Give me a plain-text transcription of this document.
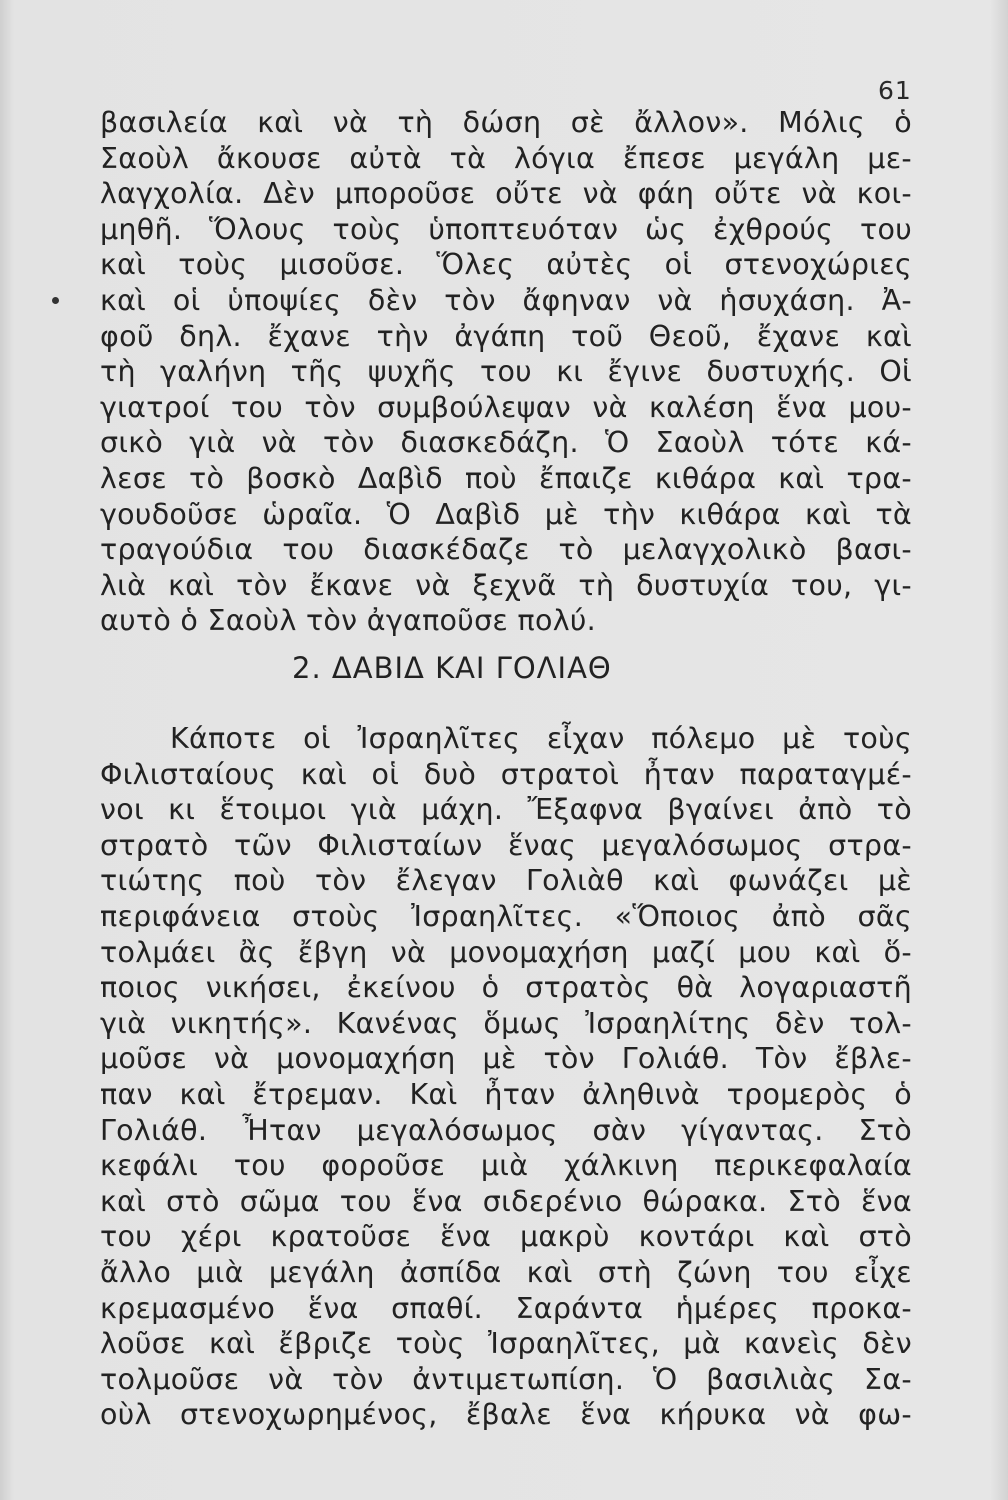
61
βασιλεία καὶ νὰ τὴ δώση σὲ ἄλλον». Μόλις ὁ
Σαοὺλ ἄκουσε αὐτὰ τὰ λόγια ἔπεσε μεγάλη με-
λαγχολία. Δὲν μποροῦσε οὔτε νὰ φάη οὔτε νὰ κοι-
μηθῆ. Ὅλους τοὺς ὑποπτευόταν ὡς ἐχθρούς του
καὶ τοὺς μισοῦσε. Ὅλες αὐτὲς οἱ στενοχώριες
καὶ οἱ ὑποψίες δὲν τὸν ἄφηναν νὰ ἡσυχάση. Ἀ-
φοῦ δηλ. ἔχανε τὴν ἀγάπη τοῦ Θεοῦ, ἔχανε καὶ
τὴ γαλήνη τῆς ψυχῆς του κι ἔγινε δυστυχής. Οἱ
γιατροί του τὸν συμβούλεψαν νὰ καλέση ἕνα μου-
σικὸ γιὰ νὰ τὸν διασκεδάζη. Ὁ Σαοὺλ τότε κά-
λεσε τὸ βοσκὸ Δαβὶδ ποὺ ἔπαιζε κιθάρα καὶ τρα-
γουδοῦσε ὡραῖα. Ὁ Δαβὶδ μὲ τὴν κιθάρα καὶ τὰ
τραγούδια του διασκέδαζε τὸ μελαγχολικὸ βασι-
λιὰ καὶ τὸν ἔκανε νὰ ξεχνᾶ τὴ δυστυχία του, γι-
αυτὸ ὁ Σαοὺλ τὸν ἀγαποῦσε πολύ.
2. ΔΑΒΙΔ ΚΑΙ ΓΟΛΙΑΘ
Κάποτε οἱ Ἰσραηλῖτες εἶχαν πόλεμο μὲ τοὺς
Φιλισταίους καὶ οἱ δυὸ στρατοὶ ἦταν παραταγμέ-
νοι κι ἕτοιμοι γιὰ μάχη. Ἔξαφνα βγαίνει ἀπὸ τὸ
στρατὸ τῶν Φιλισταίων ἕνας μεγαλόσωμος στρα-
τιώτης ποὺ τὸν ἔλεγαν Γολιὰθ καὶ φωνάζει μὲ
περιφάνεια στοὺς Ἰσραηλῖτες. «Ὅποιος ἀπὸ σᾶς
τολμάει ἂς ἔβγη νὰ μονομαχήση μαζί μου καὶ ὅ-
ποιος νικήσει, ἐκείνου ὁ στρατὸς θὰ λογαριαστῆ
γιὰ νικητής». Κανένας ὅμως Ἰσραηλίτης δὲν τολ-
μοῦσε νὰ μονομαχήση μὲ τὸν Γολιάθ. Τὸν ἔβλε-
παν καὶ ἔτρεμαν. Καὶ ἦταν ἀληθινὰ τρομερὸς ὁ
Γολιάθ. Ἦταν μεγαλόσωμος σὰν γίγαντας. Στὸ
κεφάλι του φοροῦσε μιὰ χάλκινη περικεφαλαία
καὶ στὸ σῶμα του ἕνα σιδερένιο θώρακα. Στὸ ἕνα
του χέρι κρατοῦσε ἕνα μακρὺ κοντάρι καὶ στὸ
ἄλλο μιὰ μεγάλη ἀσπίδα καὶ στὴ ζώνη του εἶχε
κρεμασμένο ἕνα σπαθί. Σαράντα ἡμέρες προκα-
λοῦσε καὶ ἔβριζε τοὺς Ἰσραηλῖτες, μὰ κανεὶς δὲν
τολμοῦσε νὰ τὸν ἀντιμετωπίση. Ὁ βασιλιὰς Σα-
οὺλ στενοχωρημένος, ἔβαλε ἕνα κήρυκα νὰ φω-
